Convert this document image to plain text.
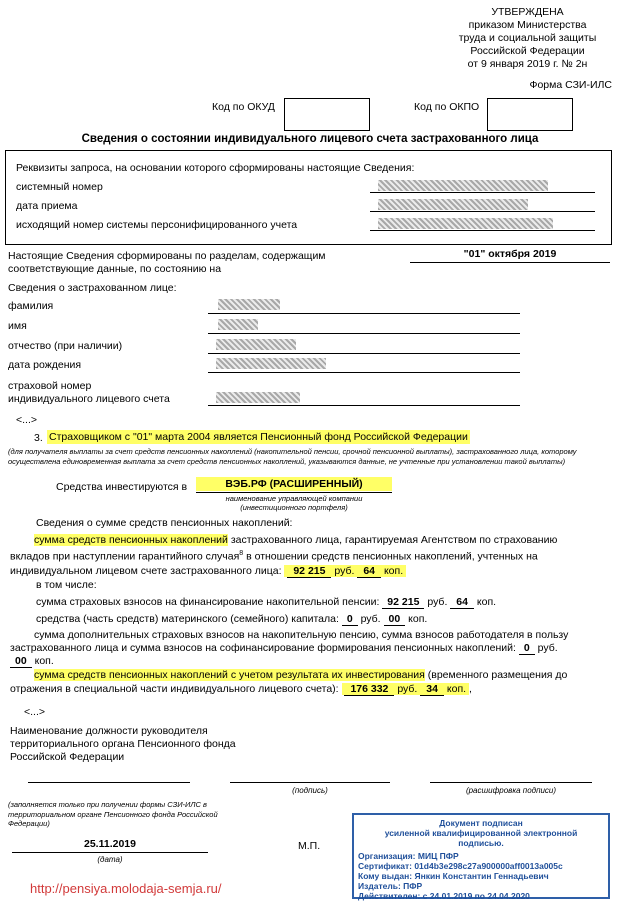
УТВЕРЖДЕНА
приказом Министерства
труда и социальной защиты
Российской Федерации
от 9 января 2019 г. № 2н
Форма СЗИ-ИЛС
Код по ОКУД	Код по ОКПО
Сведения о состоянии индивидуального лицевого счета застрахованного лица
Реквизиты запроса, на основании которого сформированы настоящие Сведения:
системный номер
дата приема
исходящий номер системы персонифицированного учета
Настоящие Сведения сформированы по разделам, содержащим
соответствующие данные, по состоянию на
"01" октября 2019
Сведения о застрахованном лице:
фамилия
имя
отчество (при наличии)
дата рождения
страховой номер
индивидуального лицевого счета
<...>
3. Страховщиком с "01" марта 2004 является Пенсионный фонд Российской Федерации
(для получателя выплаты за счет средств пенсионных накоплений (накопительной пенсии, срочной пенсионной выплаты), застрахованного лица, которому осуществлена единовременная выплата за счет средств пенсионных накоплений, указываются данные, не учтенные при установлении такой выплаты)
Средства инвестируются в	ВЭБ.РФ (РАСШИРЕННЫЙ)
наименование управляющей компании
(инвестиционного портфеля)
Сведения о сумме средств пенсионных накоплений:
сумма средств пенсионных накоплений застрахованного лица, гарантируемая Агентством по страхованию
вкладов при наступлении гарантийного случая$^8$ в отношении средств пенсионных накоплений, учтенных на
индивидуальном лицевом счете застрахованного лица:  92 215 руб. 64 коп.
в том числе:
сумма страховых взносов на финансирование накопительной пенсии: 92 215 руб. 64 коп.
средства (часть средств) материнского (семейного) капитала: 0 руб. 00 коп.
сумма дополнительных страховых взносов на накопительную пенсию, сумма взносов работодателя в пользу
застрахованного лица и сумма взносов на софинансирование формирования пенсионных накоплений: 0 руб.
00 коп.
сумма средств пенсионных накоплений с учетом результата их инвестирования (временного размещения до
отражения в специальной части индивидуального лицевого счета):  176 332 руб. 34 коп. ,
<...>
Наименование должности руководителя
территориального органа Пенсионного фонда
Российской Федерации
(подпись)	(расшифровка подписи)
(заполняется только при получении формы СЗИ-ИЛС в
территориальном органе Пенсионного фонда Российской
Федерации)
25.11.2019
(дата)
М.П.
Документ подписан
усиленной квалифицированной электронной
подписью.
Организация: МИЦ ПФР
Сертификат: 01d4b3e298c27a900000aff0013a005c
Кому выдан: Янкин Константин Геннадьевич
Издатель: ПФР
Действителен: с 24.01.2019 по 24.04.2020
http://pensiya.molodaja-semja.ru/
